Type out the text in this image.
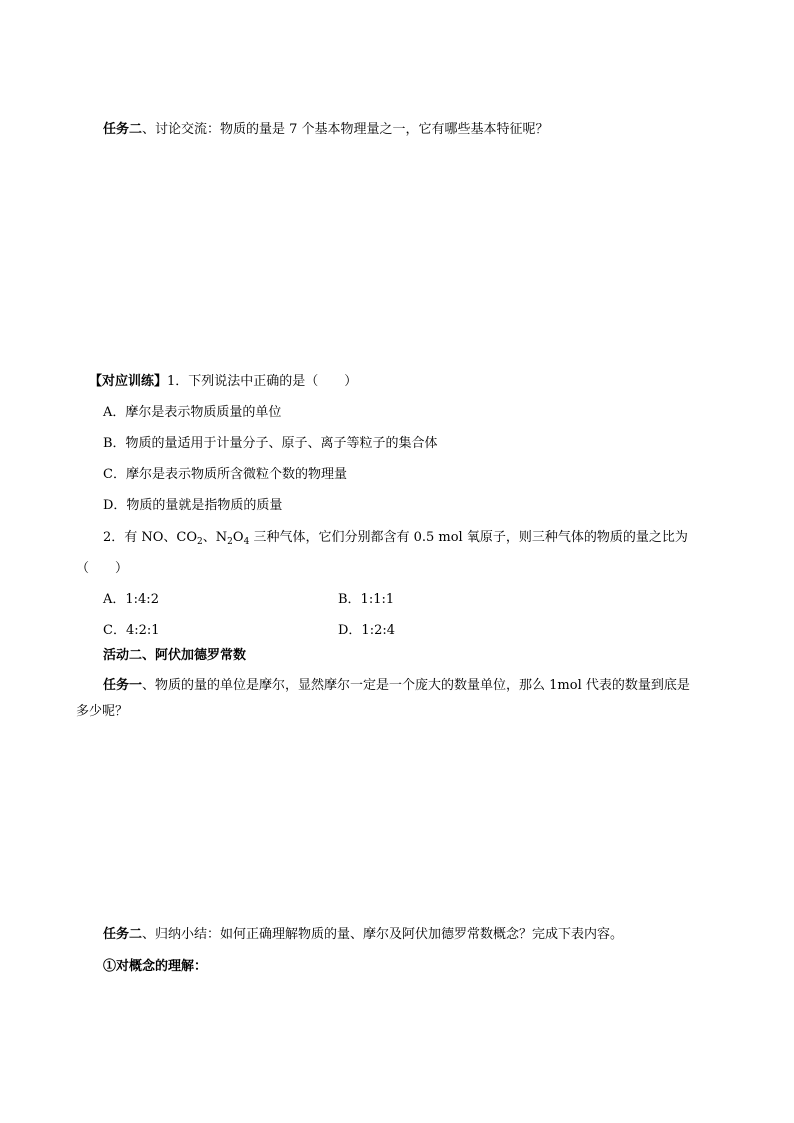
任务二、讨论交流：物质的量是 7 个基本物理量之一，它有哪些基本特征呢？
【对应训练】1．下列说法中正确的是（　　）
A．摩尔是表示物质质量的单位
B．物质的量适用于计量分子、原子、离子等粒子的集合体
C．摩尔是表示物质所含微粒个数的物理量
D．物质的量就是指物质的质量
2．有 NO、$CO_2$、$N_2O_4$ 三种气体，它们分别都含有 0.5 mol 氧原子，则三种气体的物质的量之比为
（　　）
A．1:4:2	B．1:1:1
C．4:2:1	D．1:2:4
活动二、阿伏加德罗常数
任务一、物质的量的单位是摩尔，显然摩尔一定是一个庞大的数量单位，那么 1mol 代表的数量到底是
多少呢？
任务二、归纳小结：如何正确理解物质的量、摩尔及阿伏加德罗常数概念？完成下表内容。
①对概念的理解：
